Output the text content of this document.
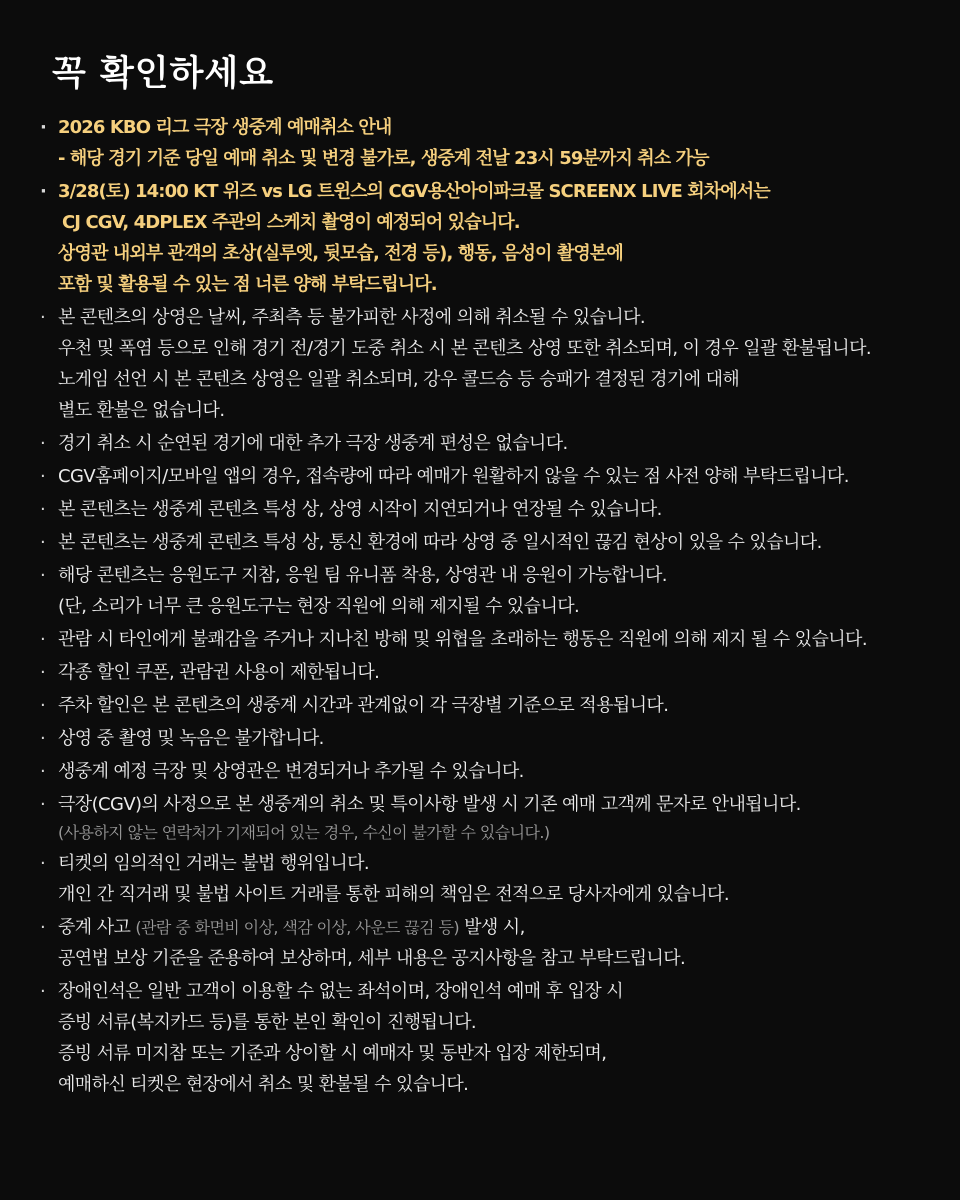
꼭 확인하세요
· 2026 KBO 리그 극장 생중계 예매취소 안내
- 해당 경기 기준 당일 예매 취소 및 변경 불가로, 생중계 전날 23시 59분까지 취소 가능
· 3/28(토) 14:00 KT 위즈 vs LG 트윈스의 CGV용산아이파크몰 SCREENX LIVE 회차에서는
CJ CGV, 4DPLEX 주관의 스케치 촬영이 예정되어 있습니다.
상영관 내외부 관객의 초상(실루엣, 뒷모습, 전경 등), 행동, 음성이 촬영본에
포함 및 활용될 수 있는 점 너른 양해 부탁드립니다.
· 본 콘텐츠의 상영은 날씨, 주최측 등 불가피한 사정에 의해 취소될 수 있습니다.
우천 및 폭염 등으로 인해 경기 전/경기 도중 취소 시 본 콘텐츠 상영 또한 취소되며, 이 경우 일괄 환불됩니다.
노게임 선언 시 본 콘텐츠 상영은 일괄 취소되며, 강우 콜드승 등 승패가 결정된 경기에 대해
별도 환불은 없습니다.
· 경기 취소 시 순연된 경기에 대한 추가 극장 생중계 편성은 없습니다.
· CGV홈페이지/모바일 앱의 경우, 접속량에 따라 예매가 원활하지 않을 수 있는 점 사전 양해 부탁드립니다.
· 본 콘텐츠는 생중계 콘텐츠 특성 상, 상영 시작이 지연되거나 연장될 수 있습니다.
· 본 콘텐츠는 생중계 콘텐츠 특성 상, 통신 환경에 따라 상영 중 일시적인 끊김 현상이 있을 수 있습니다.
· 해당 콘텐츠는 응원도구 지참, 응원 팀 유니폼 착용, 상영관 내 응원이 가능합니다.
(단, 소리가 너무 큰 응원도구는 현장 직원에 의해 제지될 수 있습니다.
· 관람 시 타인에게 불쾌감을 주거나 지나친 방해 및 위협을 초래하는 행동은 직원에 의해 제지 될 수 있습니다.
· 각종 할인 쿠폰, 관람권 사용이 제한됩니다.
· 주차 할인은 본 콘텐츠의 생중계 시간과 관계없이 각 극장별 기준으로 적용됩니다.
· 상영 중 촬영 및 녹음은 불가합니다.
· 생중계 예정 극장 및 상영관은 변경되거나 추가될 수 있습니다.
· 극장(CGV)의 사정으로 본 생중계의 취소 및 특이사항 발생 시 기존 예매 고객께 문자로 안내됩니다.
(사용하지 않는 연락처가 기재되어 있는 경우, 수신이 불가할 수 있습니다.)
· 티켓의 임의적인 거래는 불법 행위입니다.
개인 간 직거래 및 불법 사이트 거래를 통한 피해의 책임은 전적으로 당사자에게 있습니다.
· 중계 사고 (관람 중 화면비 이상, 색감 이상, 사운드 끊김 등) 발생 시,
공연법 보상 기준을 준용하여 보상하며, 세부 내용은 공지사항을 참고 부탁드립니다.
· 장애인석은 일반 고객이 이용할 수 없는 좌석이며, 장애인석 예매 후 입장 시
증빙 서류(복지카드 등)를 통한 본인 확인이 진행됩니다.
증빙 서류 미지참 또는 기준과 상이할 시 예매자 및 동반자 입장 제한되며,
예매하신 티켓은 현장에서 취소 및 환불될 수 있습니다.
